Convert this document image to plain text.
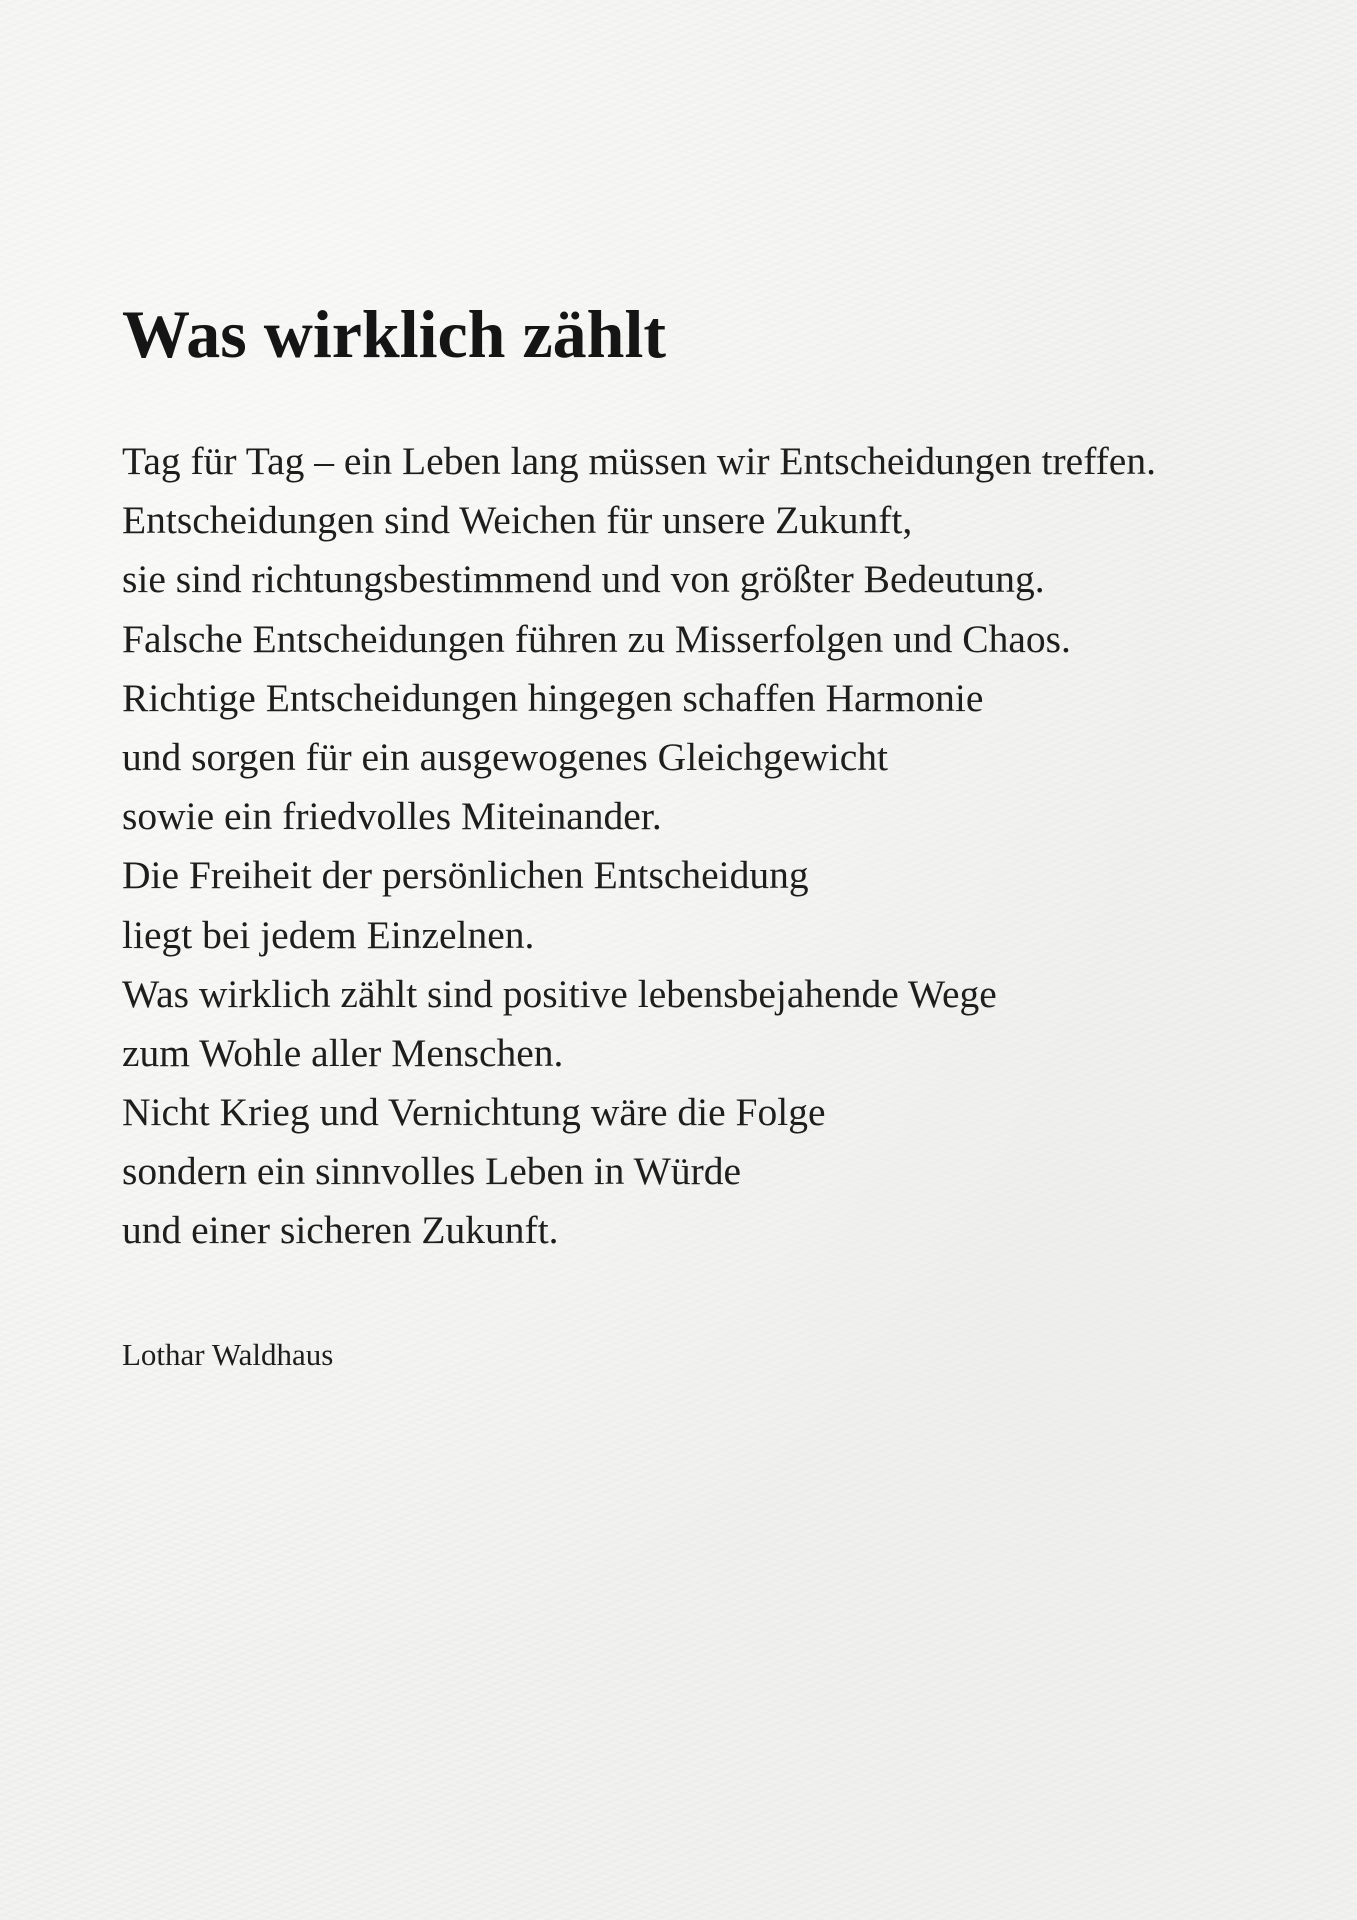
Was wirklich zählt
Tag für Tag – ein Leben lang müssen wir Entscheidungen treffen.
Entscheidungen sind Weichen für unsere Zukunft,
sie sind richtungsbestimmend und von größter Bedeutung.
Falsche Entscheidungen führen zu Misserfolgen und Chaos.
Richtige Entscheidungen hingegen schaffen Harmonie
und sorgen für ein ausgewogenes Gleichgewicht
sowie ein friedvolles Miteinander.
Die Freiheit der persönlichen Entscheidung
liegt bei jedem Einzelnen.
Was wirklich zählt sind positive lebensbejahende Wege
zum Wohle aller Menschen.
Nicht Krieg und Vernichtung wäre die Folge
sondern ein sinnvolles Leben in Würde
und einer sicheren Zukunft.

Lothar Waldhaus
